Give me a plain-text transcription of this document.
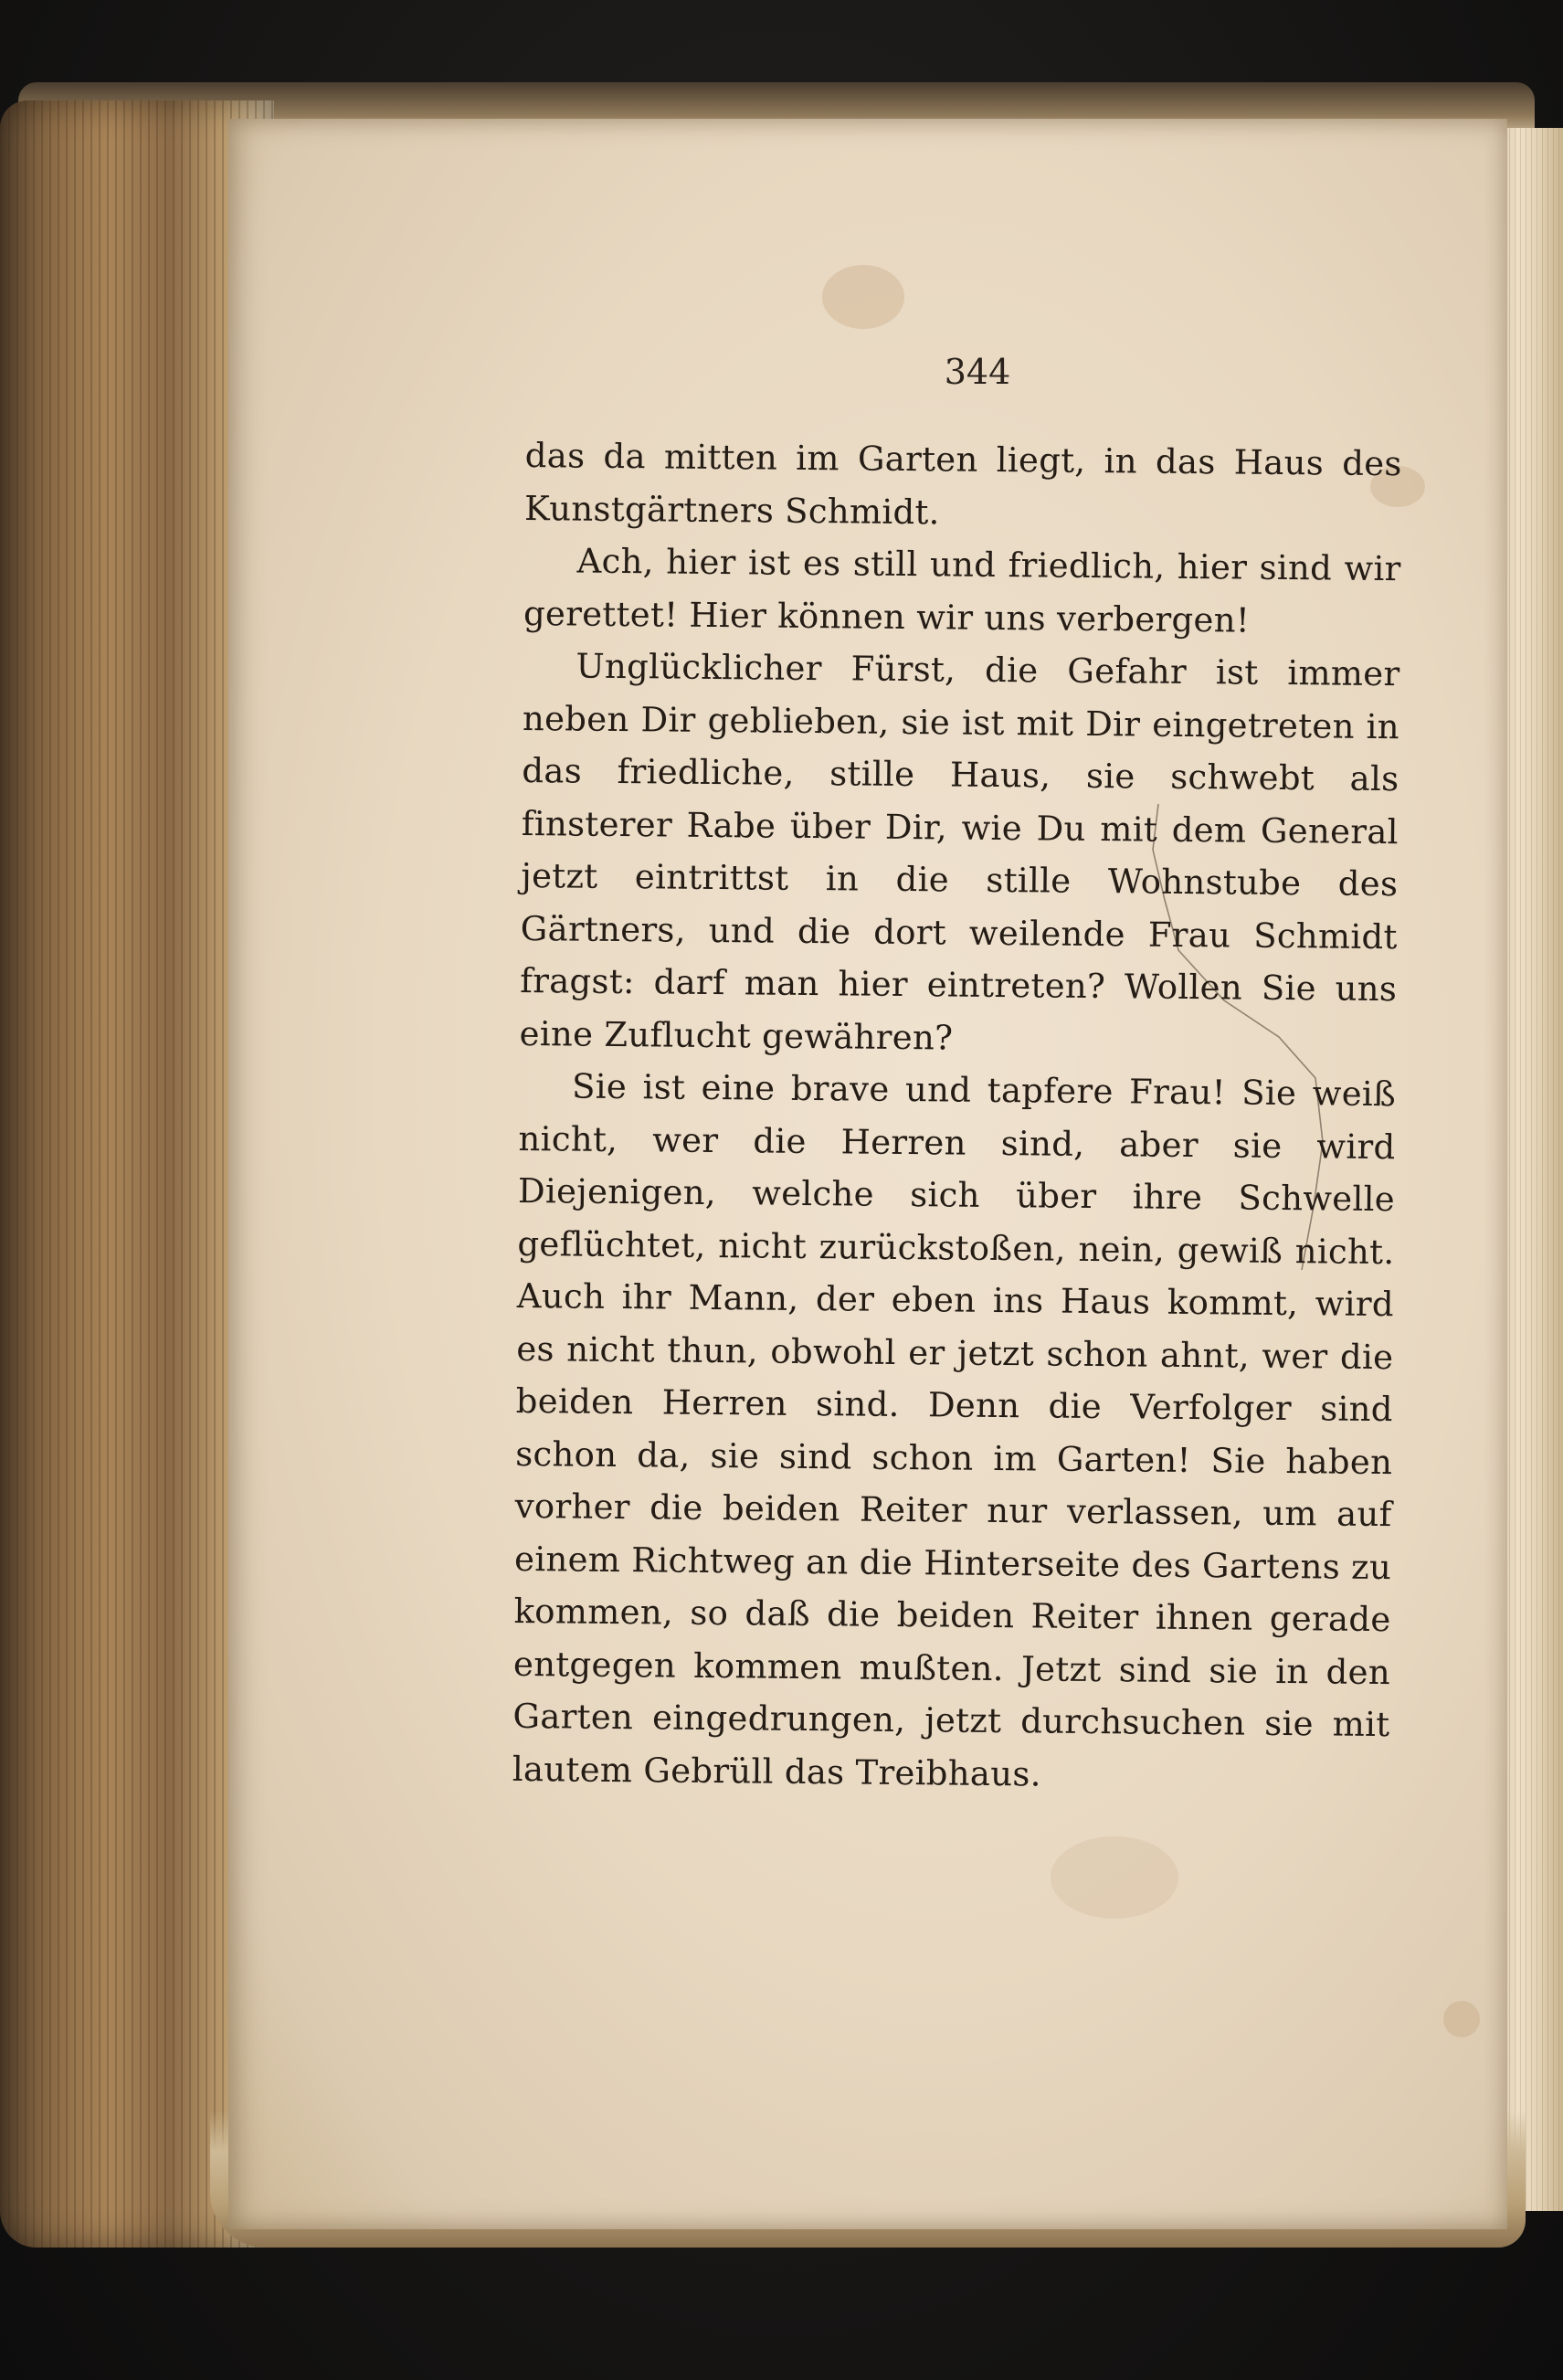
344

das da mitten im Garten liegt, in das Haus des Kunstgärtners Schmidt.

Ach, hier ist es still und friedlich, hier sind wir gerettet! Hier können wir uns verbergen!

Unglücklicher Fürst, die Gefahr ist immer neben Dir geblieben, sie ist mit Dir eingetreten in das friedliche, stille Haus, sie schwebt als finsterer Rabe über Dir, wie Du mit dem General jetzt eintrittst in die stille Wohnstube des Gärtners, und die dort weilende Frau Schmidt fragst: darf man hier eintreten? Wollen Sie uns eine Zuflucht gewähren?

Sie ist eine brave und tapfere Frau! Sie weiß nicht, wer die Herren sind, aber sie wird Diejenigen, welche sich über ihre Schwelle geflüchtet, nicht zurückstoßen, nein, gewiß nicht. Auch ihr Mann, der eben ins Haus kommt, wird es nicht thun, obwohl er jetzt schon ahnt, wer die beiden Herren sind. Denn die Verfolger sind schon da, sie sind schon im Garten! Sie haben vorher die beiden Reiter nur verlassen, um auf einem Richtweg an die Hinterseite des Gartens zu kommen, so daß die beiden Reiter ihnen gerade entgegen kommen mußten. Jetzt sind sie in den Garten eingedrungen, jetzt durchsuchen sie mit lautem Gebrüll das Treibhaus.
